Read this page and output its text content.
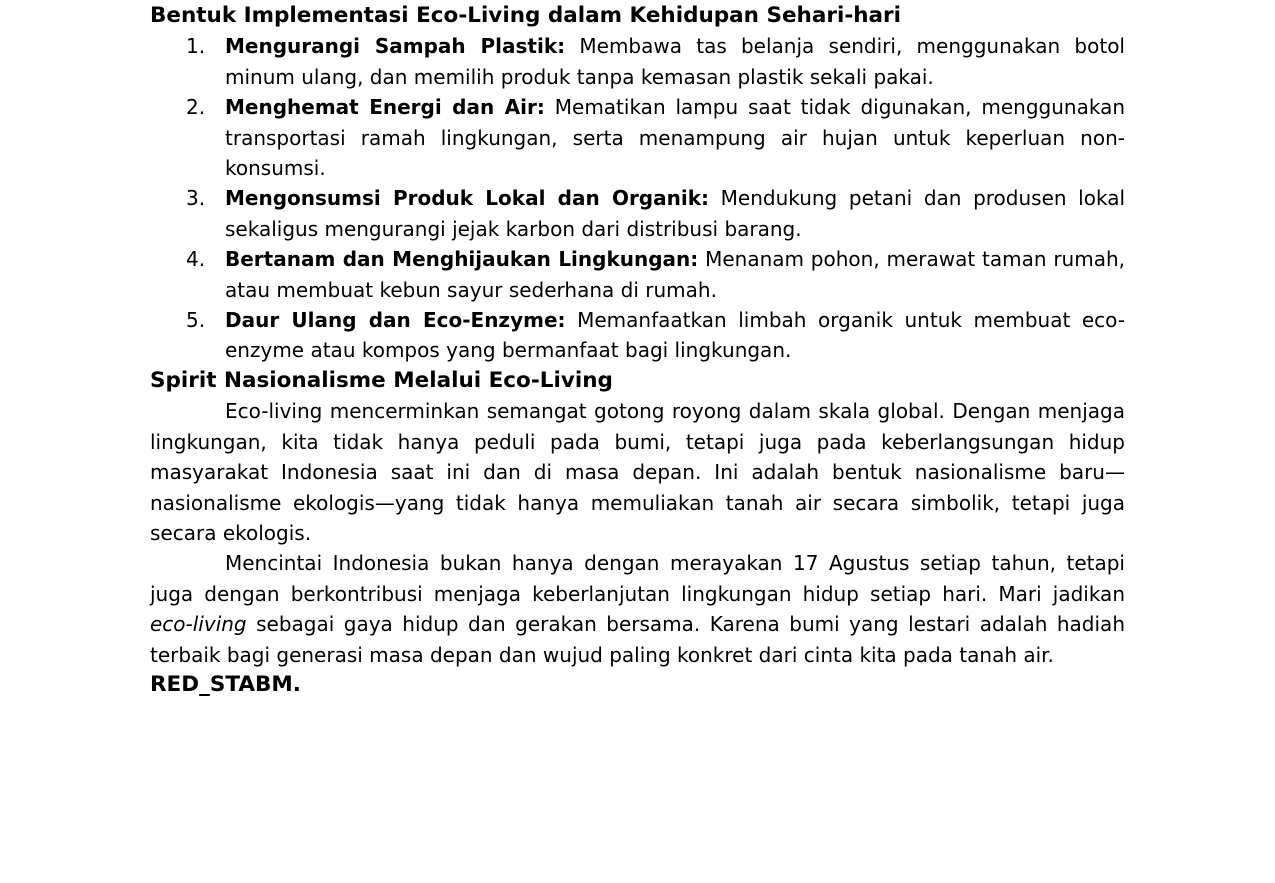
Bentuk Implementasi Eco-Living dalam Kehidupan Sehari-hari
1. Mengurangi Sampah Plastik: Membawa tas belanja sendiri, menggunakan botol minum ulang, dan memilih produk tanpa kemasan plastik sekali pakai.
2. Menghemat Energi dan Air: Mematikan lampu saat tidak digunakan, menggunakan transportasi ramah lingkungan, serta menampung air hujan untuk keperluan non-konsumsi.
3. Mengonsumsi Produk Lokal dan Organik: Mendukung petani dan produsen lokal sekaligus mengurangi jejak karbon dari distribusi barang.
4. Bertanam dan Menghijaukan Lingkungan: Menanam pohon, merawat taman rumah, atau membuat kebun sayur sederhana di rumah.
5. Daur Ulang dan Eco-Enzyme: Memanfaatkan limbah organik untuk membuat eco-enzyme atau kompos yang bermanfaat bagi lingkungan.
Spirit Nasionalisme Melalui Eco-Living

Eco-living mencerminkan semangat gotong royong dalam skala global. Dengan menjaga lingkungan, kita tidak hanya peduli pada bumi, tetapi juga pada keberlangsungan hidup masyarakat Indonesia saat ini dan di masa depan. Ini adalah bentuk nasionalisme baru—nasionalisme ekologis—yang tidak hanya memuliakan tanah air secara simbolik, tetapi juga secara ekologis.

Mencintai Indonesia bukan hanya dengan merayakan 17 Agustus setiap tahun, tetapi juga dengan berkontribusi menjaga keberlanjutan lingkungan hidup setiap hari. Mari jadikan eco-living sebagai gaya hidup dan gerakan bersama. Karena bumi yang lestari adalah hadiah terbaik bagi generasi masa depan dan wujud paling konkret dari cinta kita pada tanah air.

RED_STABM.
